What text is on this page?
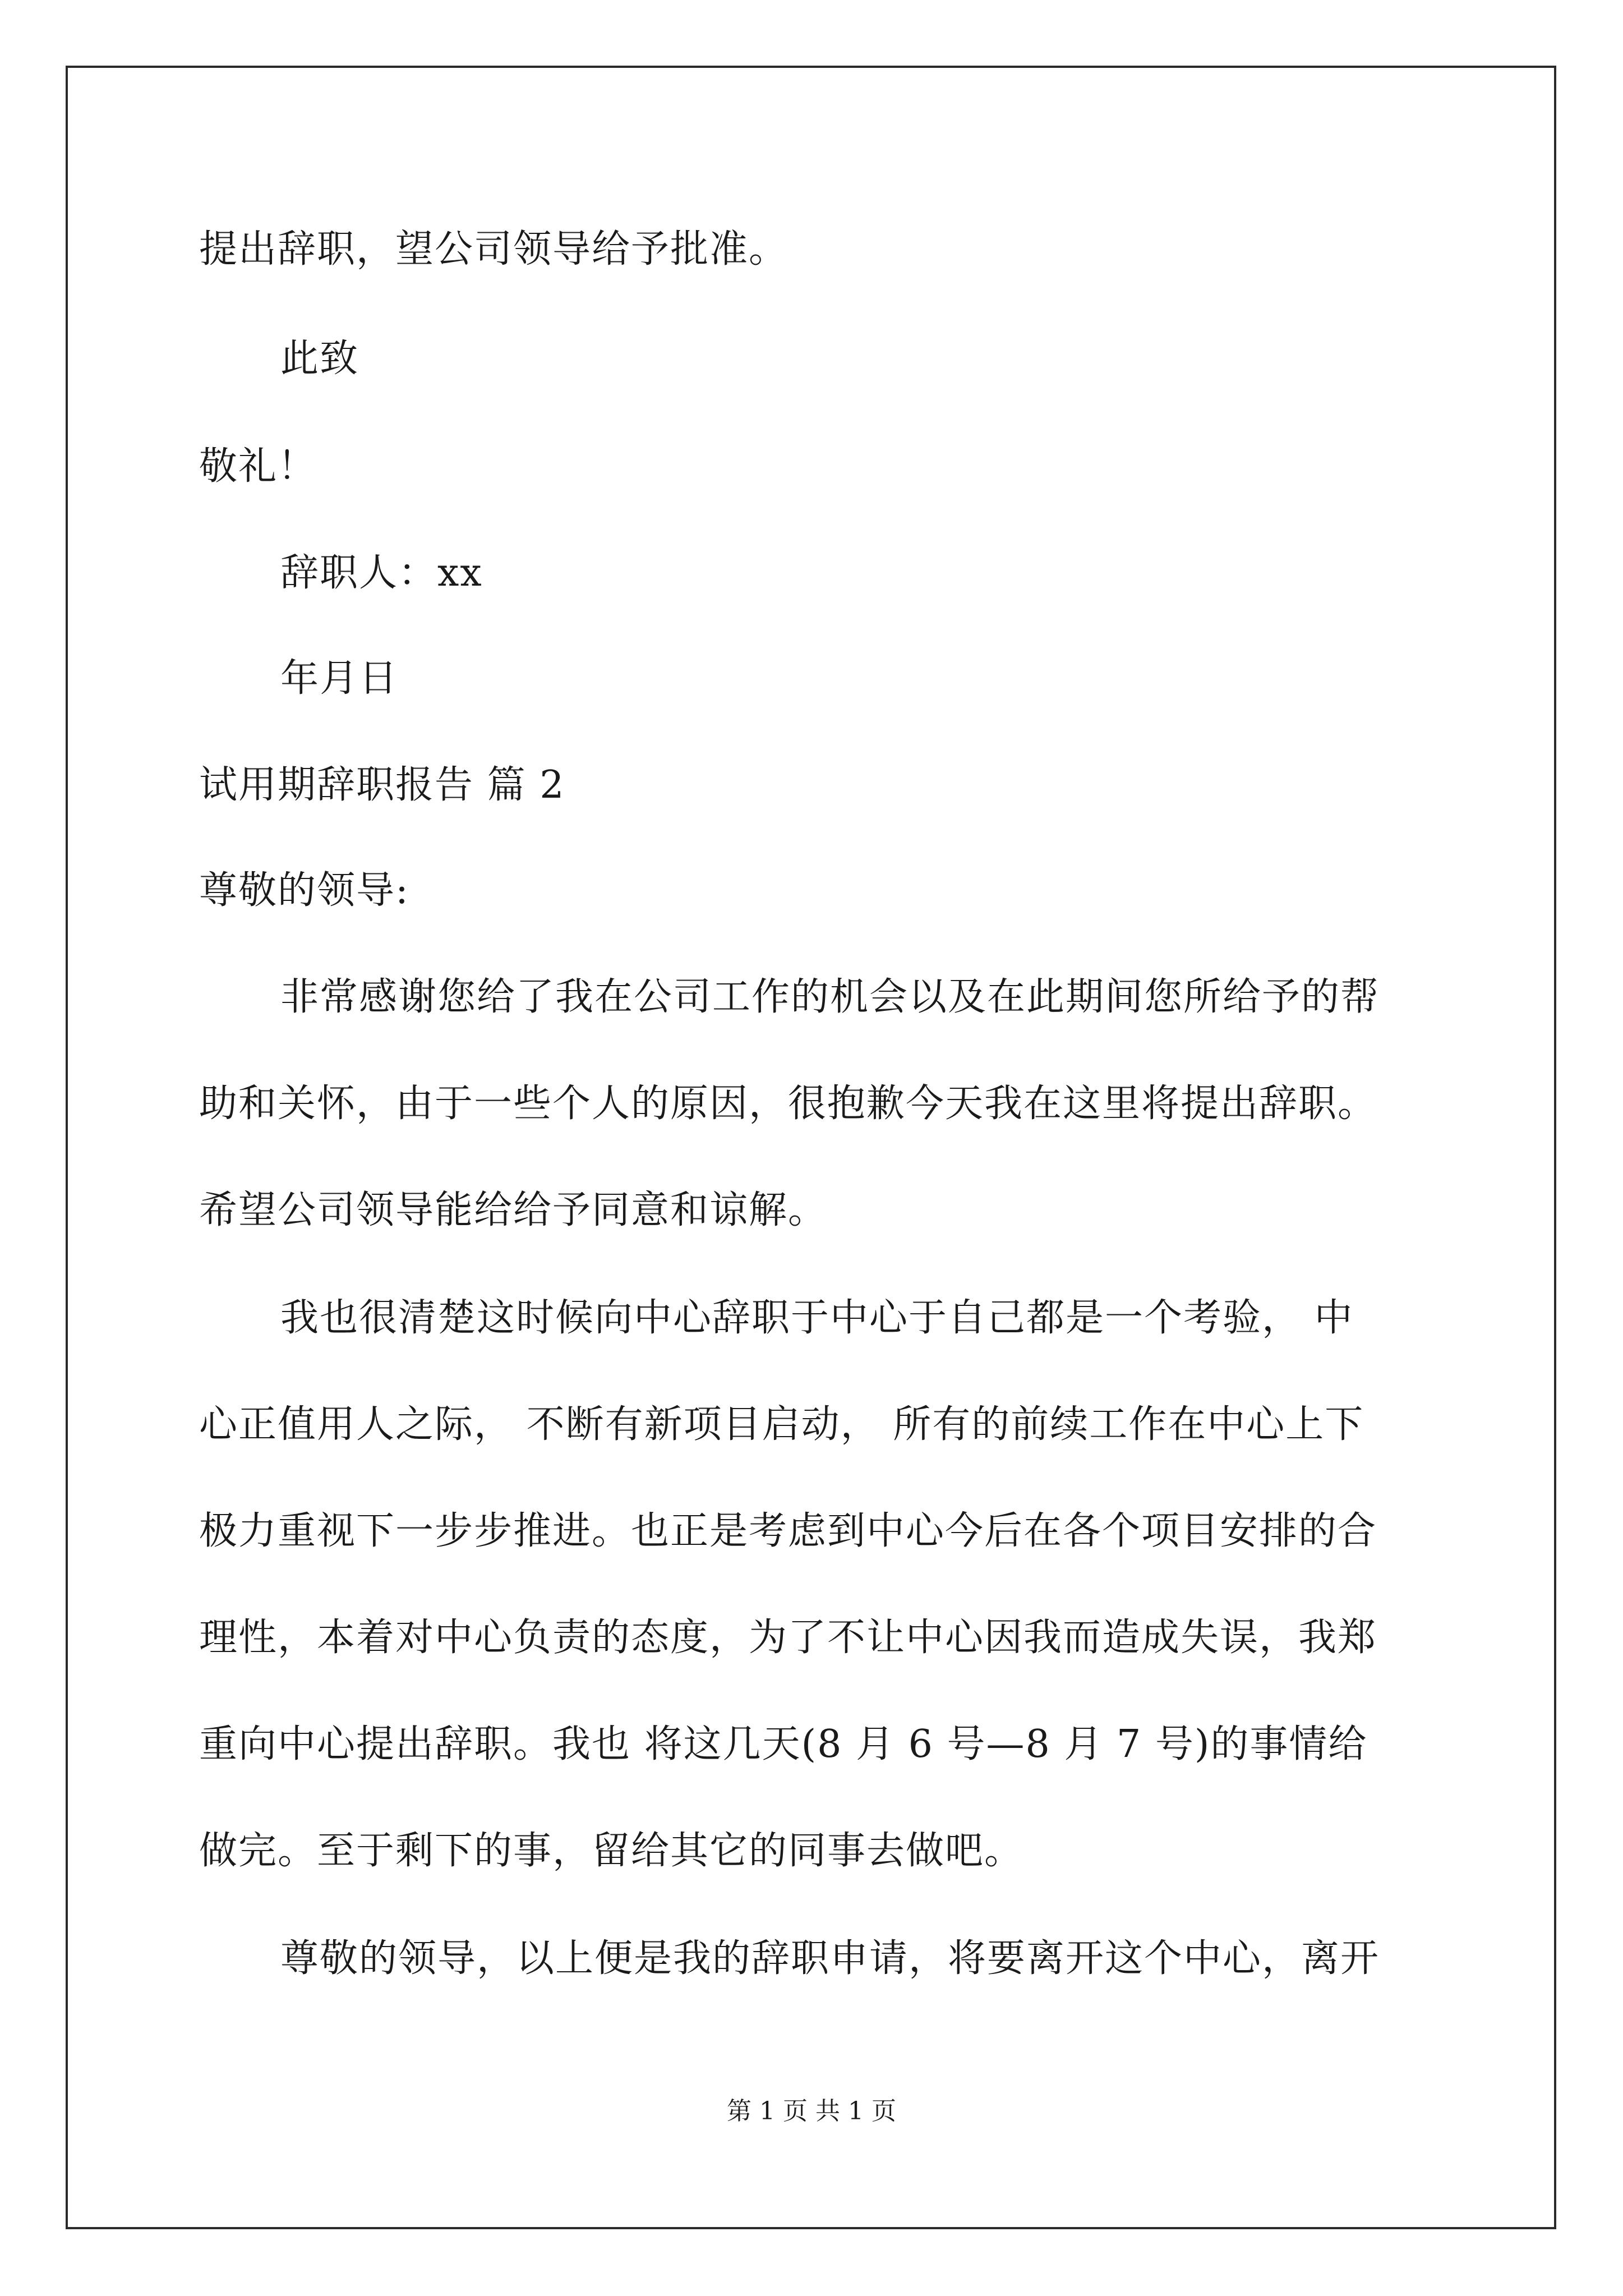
提出辞职，望公司领导给予批准。
此致
敬礼！
辞职人：xx
年月日
试用期辞职报告 篇 2
尊敬的领导:
非常感谢您给了我在公司工作的机会以及在此期间您所给予的帮
助和关怀，由于一些个人的原因，很抱歉今天我在这里将提出辞职。
希望公司领导能给给予同意和谅解。
我也很清楚这时候向中心辞职于中心于自己都是一个考验， 中
心正值用人之际， 不断有新项目启动， 所有的前续工作在中心上下
极力重视下一步步推进。也正是考虑到中心今后在各个项目安排的合
理性，本着对中心负责的态度，为了不让中心因我而造成失误，我郑
重向中心提出辞职。我也 将这几天(8 月 6 号—8 月 7 号)的事情给
做完。至于剩下的事，留给其它的同事去做吧。
尊敬的领导，以上便是我的辞职申请，将要离开这个中心，离开
第 1 页 共 1 页
